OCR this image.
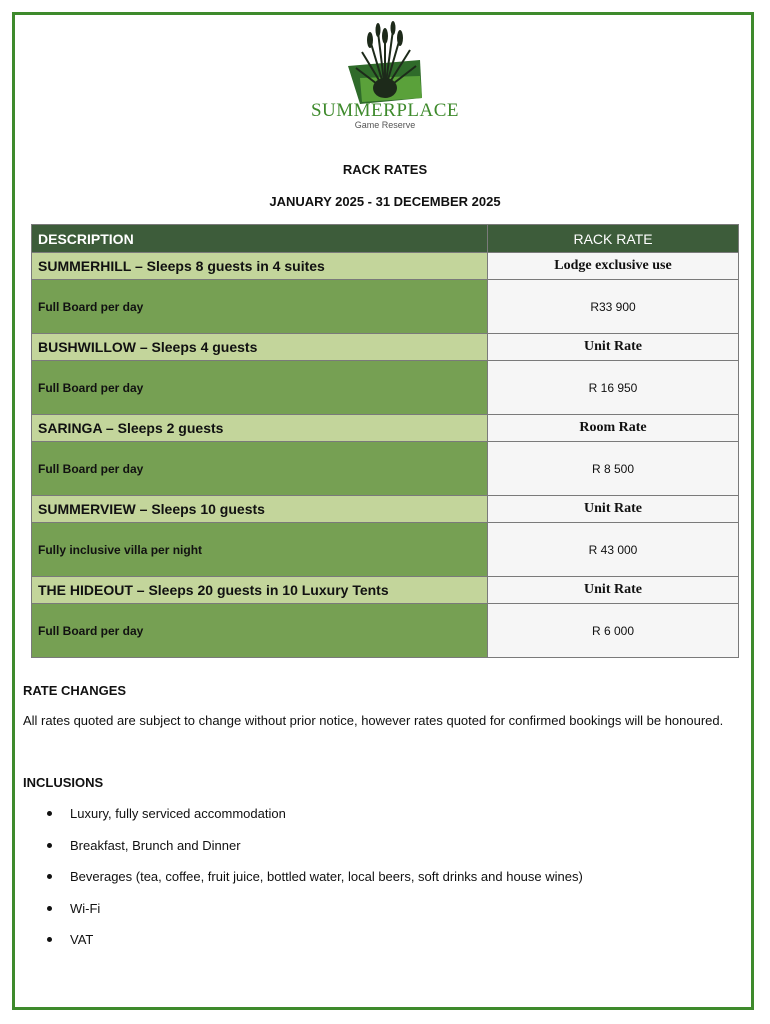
SUMMERPLACE
Game Reserve
RACK RATES
JANUARY 2025 - 31 DECEMBER 2025
DESCRIPTION	RACK RATE
SUMMERHILL – Sleeps 8 guests in 4 suites	Lodge exclusive use
Full Board per day	R33 900
BUSHWILLOW – Sleeps 4 guests	Unit Rate
Full Board per day	R 16 950
SARINGA – Sleeps 2 guests	Room Rate
Full Board per day	R 8 500
SUMMERVIEW – Sleeps 10 guests	Unit Rate
Fully inclusive villa per night	R 43 000
THE HIDEOUT – Sleeps 20 guests in 10 Luxury Tents	Unit Rate
Full Board per day	R 6 000
RATE CHANGES
All rates quoted are subject to change without prior notice, however rates quoted for confirmed bookings will be honoured.
INCLUSIONS
Luxury, fully serviced accommodation
Breakfast, Brunch and Dinner
Beverages (tea, coffee, fruit juice, bottled water, local beers, soft drinks and house wines)
Wi-Fi
VAT
